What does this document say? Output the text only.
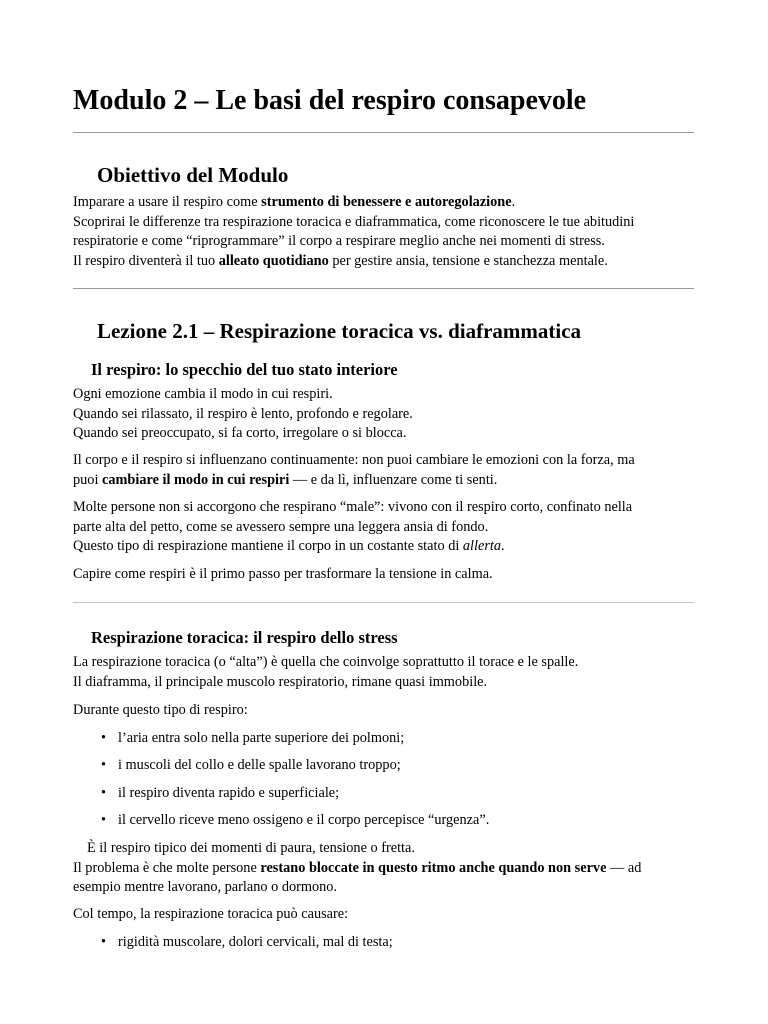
Modulo 2 – Le basi del respiro consapevole
Obiettivo del Modulo
Imparare a usare il respiro come strumento di benessere e autoregolazione.
Scoprirai le differenze tra respirazione toracica e diaframmatica, come riconoscere le tue abitudini
respiratorie e come “riprogrammare” il corpo a respirare meglio anche nei momenti di stress.
Il respiro diventerà il tuo alleato quotidiano per gestire ansia, tensione e stanchezza mentale.
Lezione 2.1 – Respirazione toracica vs. diaframmatica
Il respiro: lo specchio del tuo stato interiore
Ogni emozione cambia il modo in cui respiri.
Quando sei rilassato, il respiro è lento, profondo e regolare.
Quando sei preoccupato, si fa corto, irregolare o si blocca.
Il corpo e il respiro si influenzano continuamente: non puoi cambiare le emozioni con la forza, ma
puoi cambiare il modo in cui respiri — e da lì, influenzare come ti senti.
Molte persone non si accorgono che respirano “male”: vivono con il respiro corto, confinato nella
parte alta del petto, come se avessero sempre una leggera ansia di fondo.
Questo tipo di respirazione mantiene il corpo in un costante stato di allerta.
Capire come respiri è il primo passo per trasformare la tensione in calma.
Respirazione toracica: il respiro dello stress
La respirazione toracica (o “alta”) è quella che coinvolge soprattutto il torace e le spalle.
Il diaframma, il principale muscolo respiratorio, rimane quasi immobile.
Durante questo tipo di respiro:
• l’aria entra solo nella parte superiore dei polmoni;
• i muscoli del collo e delle spalle lavorano troppo;
• il respiro diventa rapido e superficiale;
• il cervello riceve meno ossigeno e il corpo percepisce “urgenza”.
È il respiro tipico dei momenti di paura, tensione o fretta.
Il problema è che molte persone restano bloccate in questo ritmo anche quando non serve — ad
esempio mentre lavorano, parlano o dormono.
Col tempo, la respirazione toracica può causare:
• rigidità muscolare, dolori cervicali, mal di testa;
